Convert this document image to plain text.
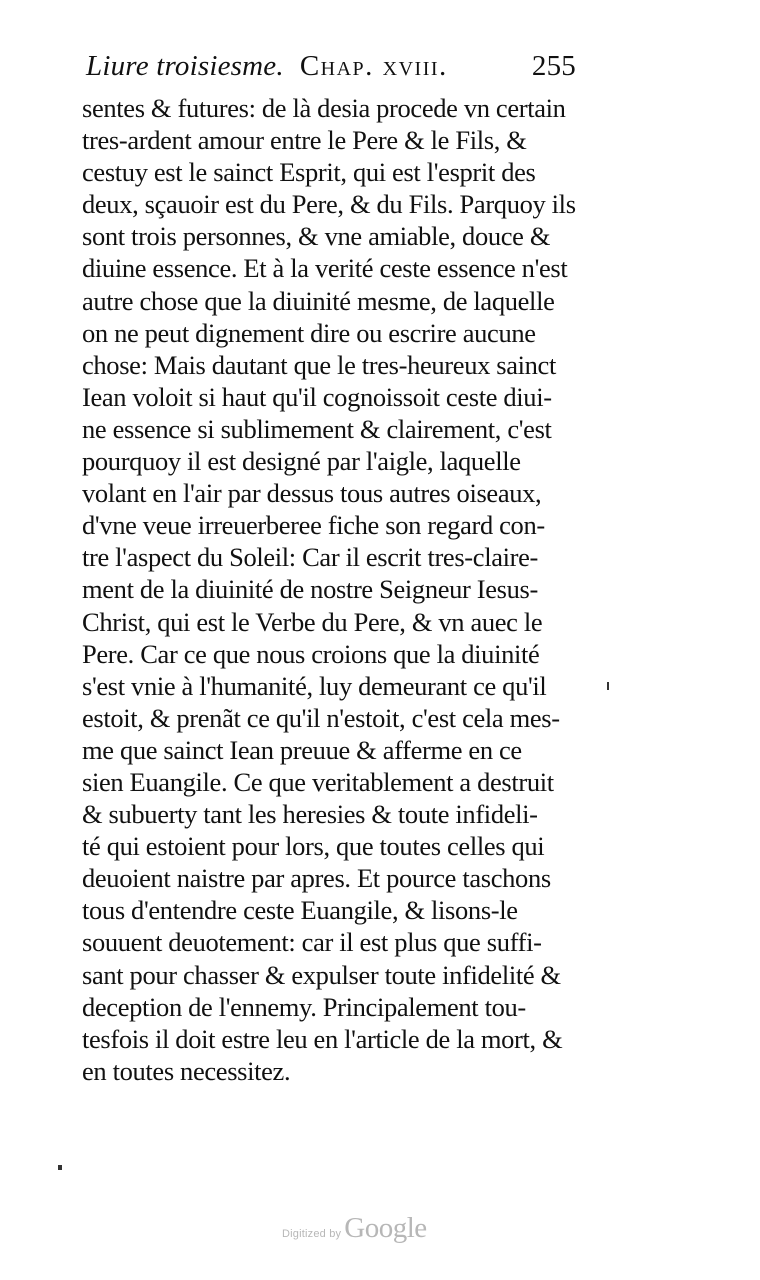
Liure troisiesme. Chap. xviii.	255
sentes & futures: de là desia procede vn certain
tres-ardent amour entre le Pere & le Fils, &
cestuy est le sainct Esprit, qui est l'esprit des
deux, sçauoir est du Pere, & du Fils. Parquoy ils
sont trois personnes, & vne amiable, douce &
diuine essence. Et à la verité ceste essence n'est
autre chose que la diuinité mesme, de laquelle
on ne peut dignement dire ou escrire aucune
chose: Mais dautant que le tres-heureux sainct
Iean voloit si haut qu'il cognoissoit ceste diui-
ne essence si sublimement & clairement, c'est
pourquoy il est designé par l'aigle, laquelle
volant en l'air par dessus tous autres oiseaux,
d'vne veue irreuerberee fiche son regard con-
tre l'aspect du Soleil: Car il escrit tres-claire-
ment de la diuinité de nostre Seigneur Iesus-
Christ, qui est le Verbe du Pere, & vn auec le
Pere. Car ce que nous croions que la diuinité
s'est vnie à l'humanité, luy demeurant ce qu'il
estoit, & prenãt ce qu'il n'estoit, c'est cela mes-
me que sainct Iean preuue & afferme en ce
sien Euangile. Ce que veritablement a destruit
& subuerty tant les heresies & toute infideli-
té qui estoient pour lors, que toutes celles qui
deuoient naistre par apres. Et pource taschons
tous d'entendre ceste Euangile, & lisons-le
souuent deuotement: car il est plus que suffi-
sant pour chasser & expulser toute infidelité &
deception de l'ennemy. Principalement tou-
tesfois il doit estre leu en l'article de la mort, &
en toutes necessitez.
Digitized by Google
